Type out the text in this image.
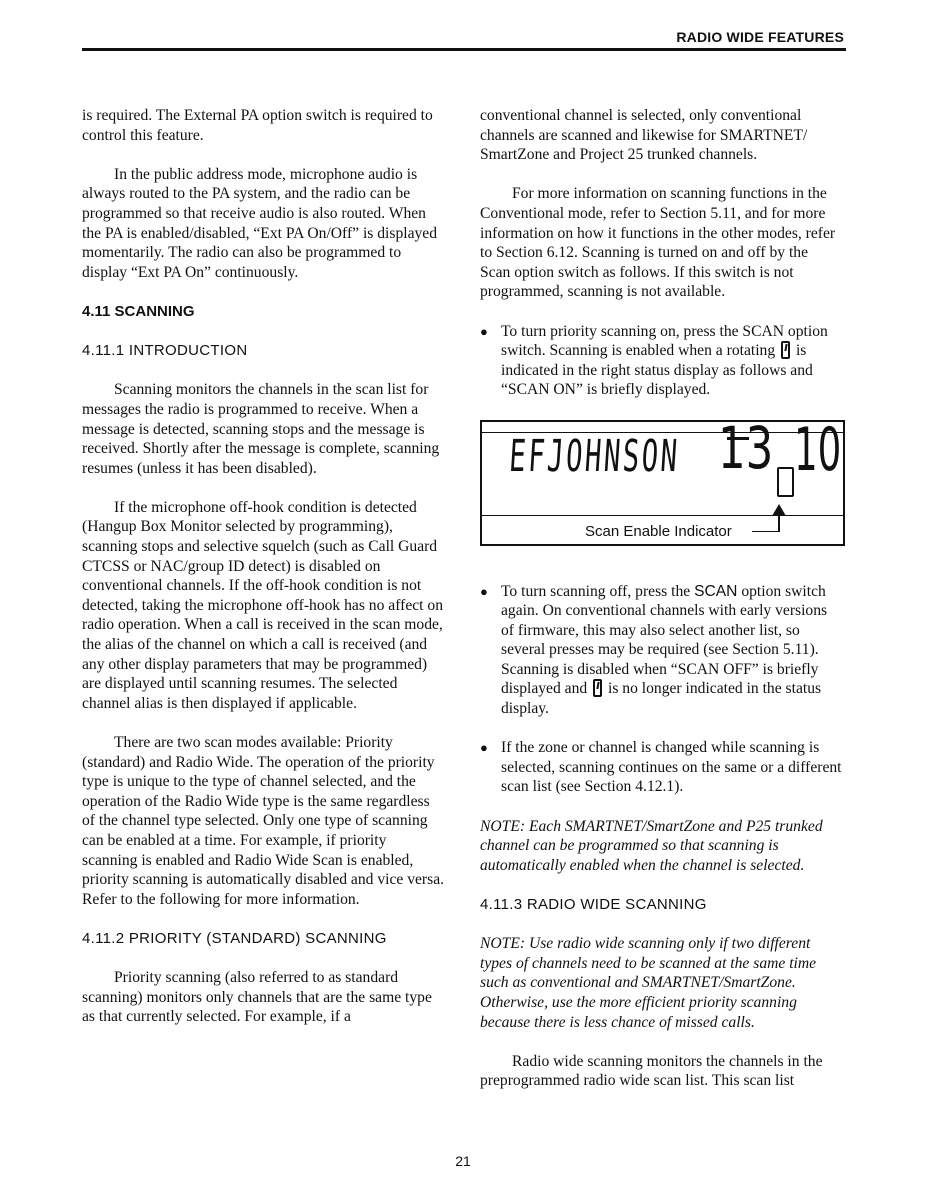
RADIO WIDE FEATURES

is required. The External PA option switch is required to control this feature.

In the public address mode, microphone audio is always routed to the PA system, and the radio can be programmed so that receive audio is also routed. When the PA is enabled/disabled, “Ext PA On/Off” is displayed momentarily. The radio can also be programmed to display “Ext PA On” continuously.

4.11 SCANNING
4.11.1 INTRODUCTION

Scanning monitors the channels in the scan list for messages the radio is programmed to receive. When a message is detected, scanning stops and the message is received. Shortly after the message is complete, scanning resumes (unless it has been disabled).

If the microphone off-hook condition is detected (Hangup Box Monitor selected by programming), scanning stops and selective squelch (such as Call Guard CTCSS or NAC/group ID detect) is disabled on conventional channels. If the off-hook condition is not detected, taking the microphone off-hook has no affect on radio operation. When a call is received in the scan mode, the alias of the channel on which a call is received (and any other display parameters that may be programmed) are displayed until scanning resumes. The selected channel alias is then displayed if applicable.

There are two scan modes available: Priority (standard) and Radio Wide. The operation of the priority type is unique to the type of channel selected, and the operation of the Radio Wide type is the same regardless of the channel type selected. Only one type of scanning can be enabled at a time. For example, if priority scanning is enabled and Radio Wide Scan is enabled, priority scanning is automatically disabled and vice versa. Refer to the following for more information.

4.11.2 PRIORITY (STANDARD) SCANNING

Priority scanning (also referred to as standard scanning) monitors only channels that are the same type as that currently selected. For example, if a

conventional channel is selected, only conventional channels are scanned and likewise for SMARTNET/ SmartZone and Project 25 trunked channels.

For more information on scanning functions in the Conventional mode, refer to Section 5.11, and for more information on how it functions in the other modes, refer to Section 6.12. Scanning is turned on and off by the Scan option switch as follows. If this switch is not programmed, scanning is not available.

● To turn priority scanning on, press the SCAN option switch. Scanning is enabled when a rotating is indicated in the right status display as follows and “SCAN ON” is briefly displayed.
EFJOHNSON 13 10
Scan Enable Indicator
● To turn scanning off, press the SCAN option switch again. On conventional channels with early versions of firmware, this may also select another list, so several presses may be required (see Section 5.11). Scanning is disabled when “SCAN OFF” is briefly displayed and is no longer indicated in the status display.
● If the zone or channel is changed while scanning is selected, scanning continues on the same or a different scan list (see Section 4.12.1).

NOTE: Each SMARTNET/SmartZone and P25 trunked channel can be programmed so that scanning is automatically enabled when the channel is selected.

4.11.3 RADIO WIDE SCANNING

NOTE: Use radio wide scanning only if two different types of channels need to be scanned at the same time such as conventional and SMARTNET/SmartZone. Otherwise, use the more efficient priority scanning because there is less chance of missed calls.

Radio wide scanning monitors the channels in the preprogrammed radio wide scan list. This scan list

21
